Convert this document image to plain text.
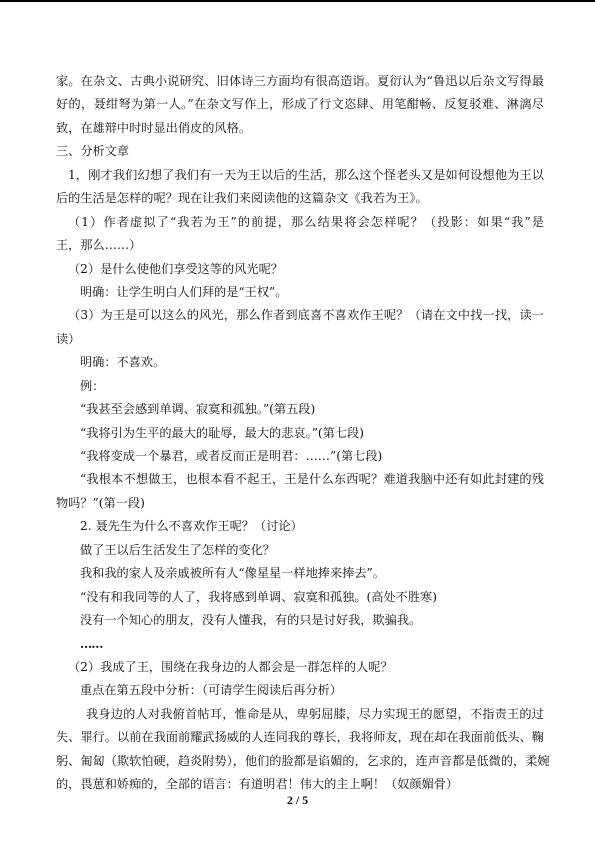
家。在杂文、古典小说研究、旧体诗三方面均有很高造诣。夏衍认为“鲁迅以后杂文写得最
好的，聂绀弩为第一人。”在杂文写作上，形成了行文恣肆、用笔酣畅、反复驳难、淋漓尽
致，在雄辩中时时显出俏皮的风格。
三、分析文章
1，刚才我们幻想了我们有一天为王以后的生活，那么这个怪老头又是如何设想他为王以
后的生活是怎样的呢？现在让我们来阅读他的这篇杂文《我若为王》。
（1）作者虚拟了“我若为王”的前提，那么结果将会怎样呢？（投影：如果“我”是
王，那么……）
（2）是什么使他们享受这等的风光呢？
明确：让学生明白人们拜的是“王权”。
（3）为王是可以这么的风光，那么作者到底喜不喜欢作王呢？（请在文中找一找，读一
读）
明确：不喜欢。
例：
“我甚至会感到单调、寂寞和孤独。”(第五段)
“我将引为生平的最大的耻辱，最大的悲哀。”(第七段)
“我将变成一个暴君，或者反而正是明君：……”(第七段)
“我根本不想做王，也根本看不起王，王是什么东西呢？难道我脑中还有如此封建的残
物吗？”(第一段)
2. 聂先生为什么不喜欢作王呢？（讨论）
做了王以后生活发生了怎样的变化？
我和我的家人及亲戚被所有人“像星星一样地捧来捧去”。
“没有和我同等的人了，我将感到单调、寂寞和孤独。(高处不胜寒)
没有一个知心的朋友，没有人懂我，有的只是讨好我，欺骗我。
……
（2）我成了王，围绕在我身边的人都会是一群怎样的人呢？
重点在第五段中分析：（可请学生阅读后再分析）
我身边的人对我俯首帖耳，惟命是从，卑躬屈膝，尽力实现王的愿望，不指责王的过
失、罪行。以前在我面前耀武扬威的人连同我的尊长，我将师友，现在却在我面前低头、鞠
躬、匍匐（欺软怕硬，趋炎附势），他们的脸都是谄媚的，乞求的，连声音都是低微的，柔婉
的，畏葸和娇痴的，全部的语言：有道明君！伟大的主上啊！（奴颜媚骨）
2 / 5
